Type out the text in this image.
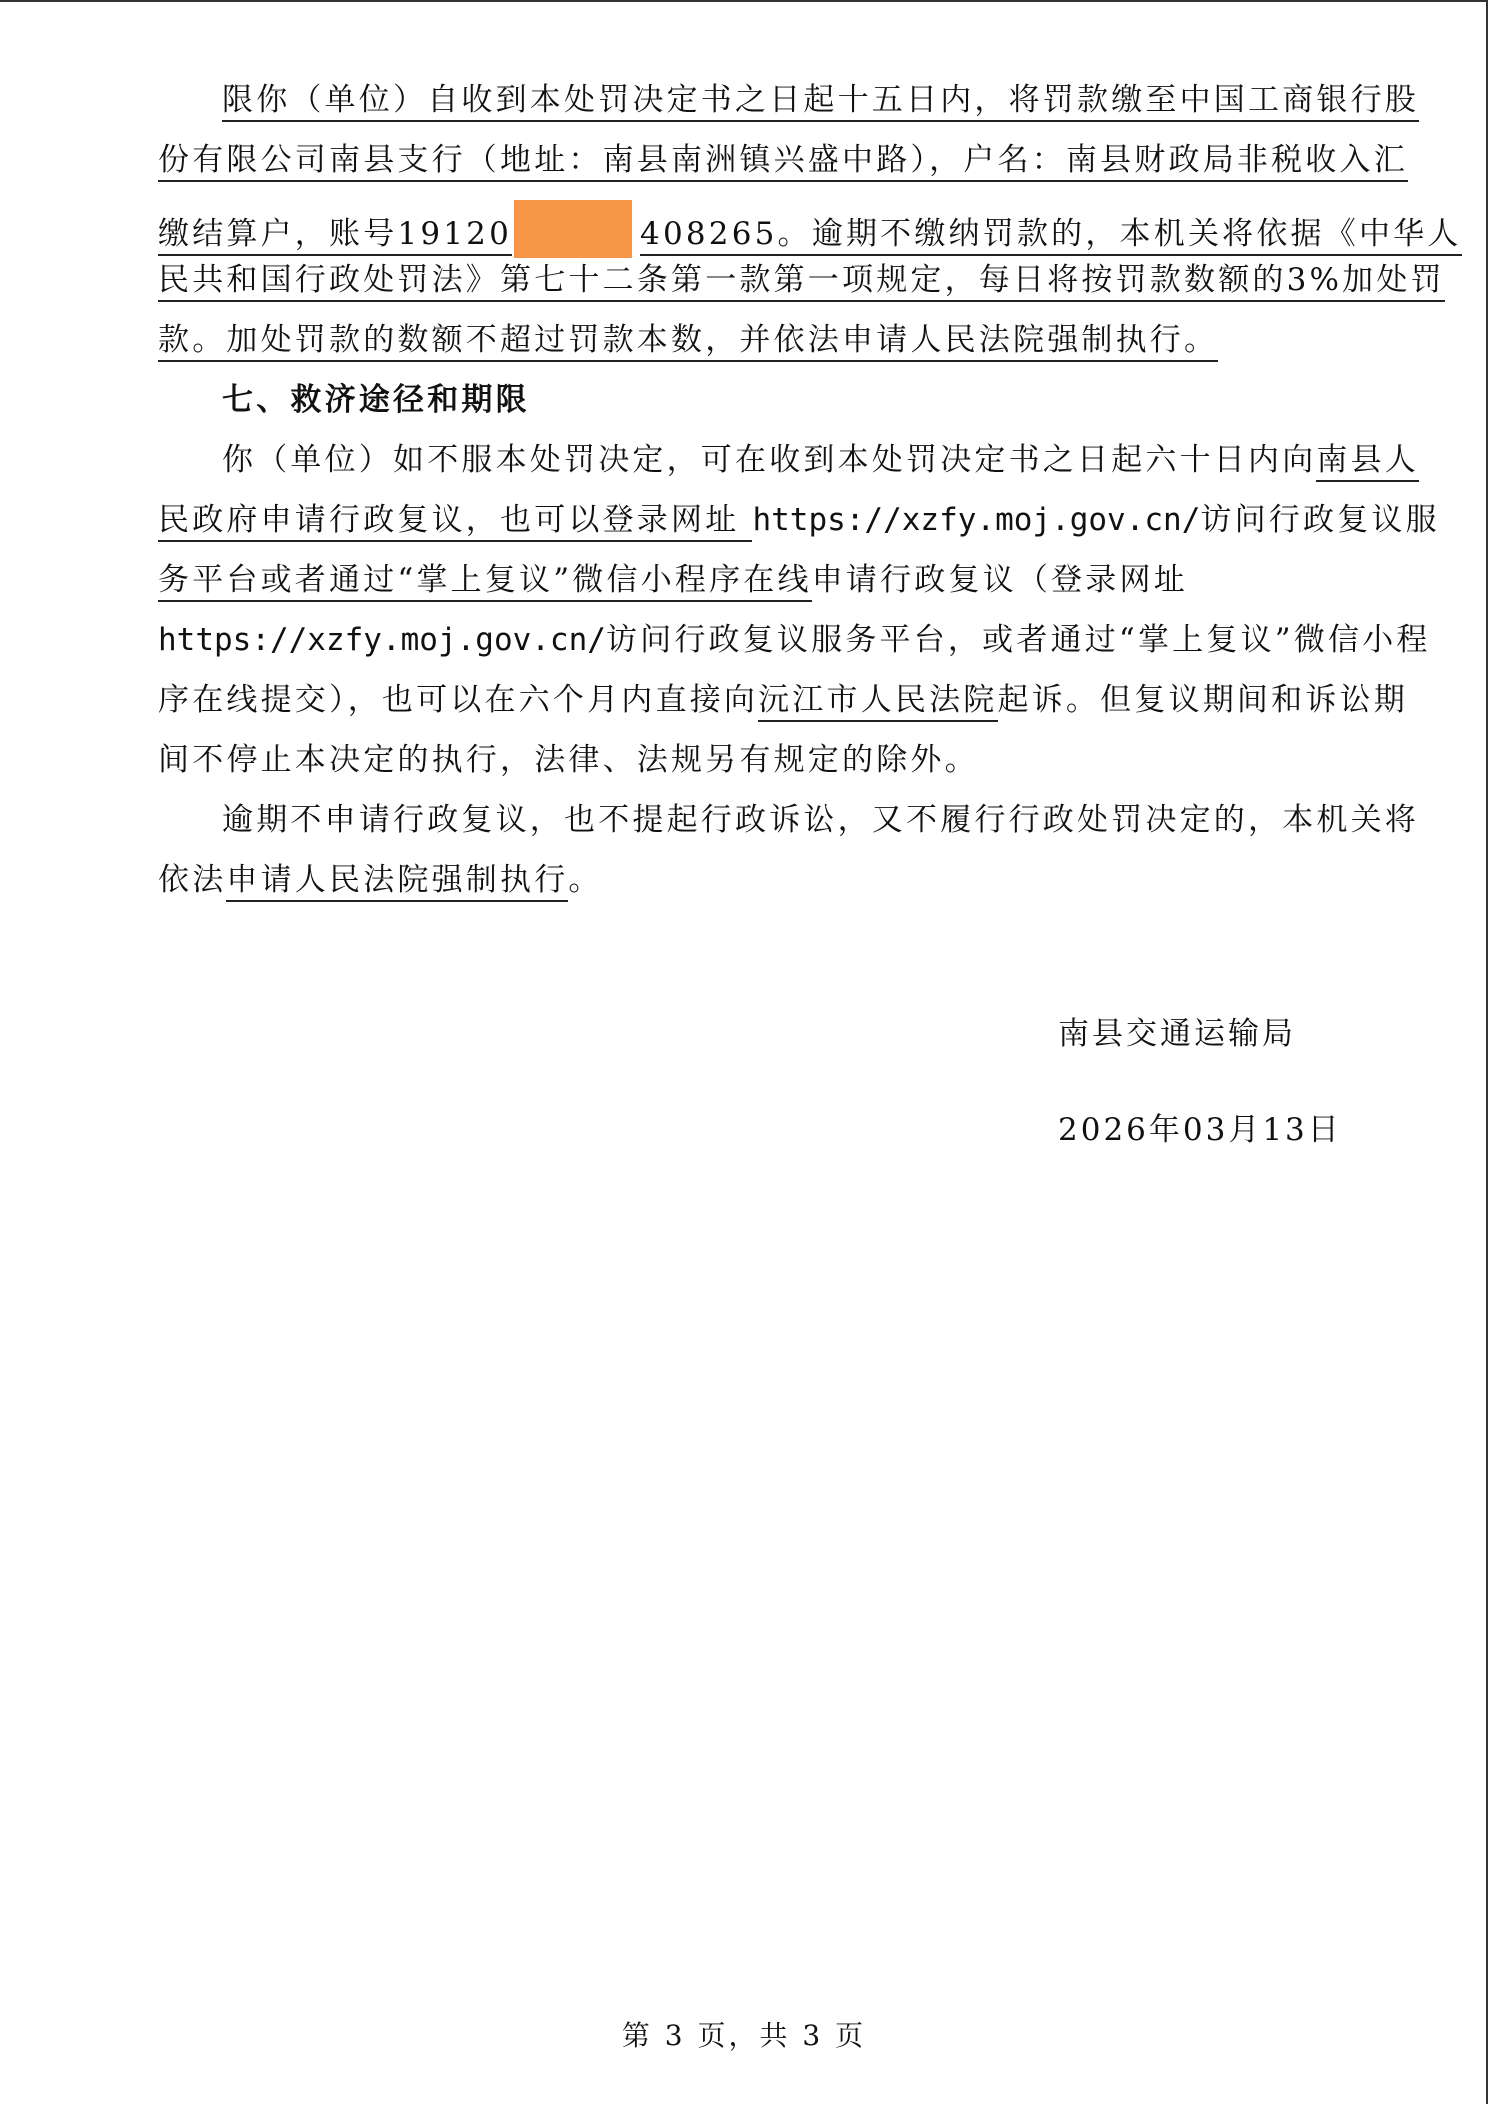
限你（单位）自收到本处罚决定书之日起十五日内，将罚款缴至中国工商银行股
份有限公司南县支行（地址：南县南洲镇兴盛中路），户名：南县财政局非税收入汇
缴结算户，账号19120	408265。逾期不缴纳罚款的，本机关将依据《中华人
民共和国行政处罚法》第七十二条第一款第一项规定，每日将按罚款数额的3%加处罚
款。加处罚款的数额不超过罚款本数，并依法申请人民法院强制执行。
七、救济途径和期限
你（单位）如不服本处罚决定，可在收到本处罚决定书之日起六十日内向南县人
民政府申请行政复议，也可以登录网址 https://xzfy.moj.gov.cn/访问行政复议服
务平台或者通过“掌上复议”微信小程序在线申请行政复议（登录网址
https://xzfy.moj.gov.cn/访问行政复议服务平台，或者通过“掌上复议”微信小程
序在线提交），也可以在六个月内直接向沅江市人民法院起诉。但复议期间和诉讼期
间不停止本决定的执行，法律、法规另有规定的除外。
逾期不申请行政复议，也不提起行政诉讼，又不履行行政处罚决定的，本机关将
依法申请人民法院强制执行。
南县交通运输局
2026年03月13日
第 3 页，共 3 页
